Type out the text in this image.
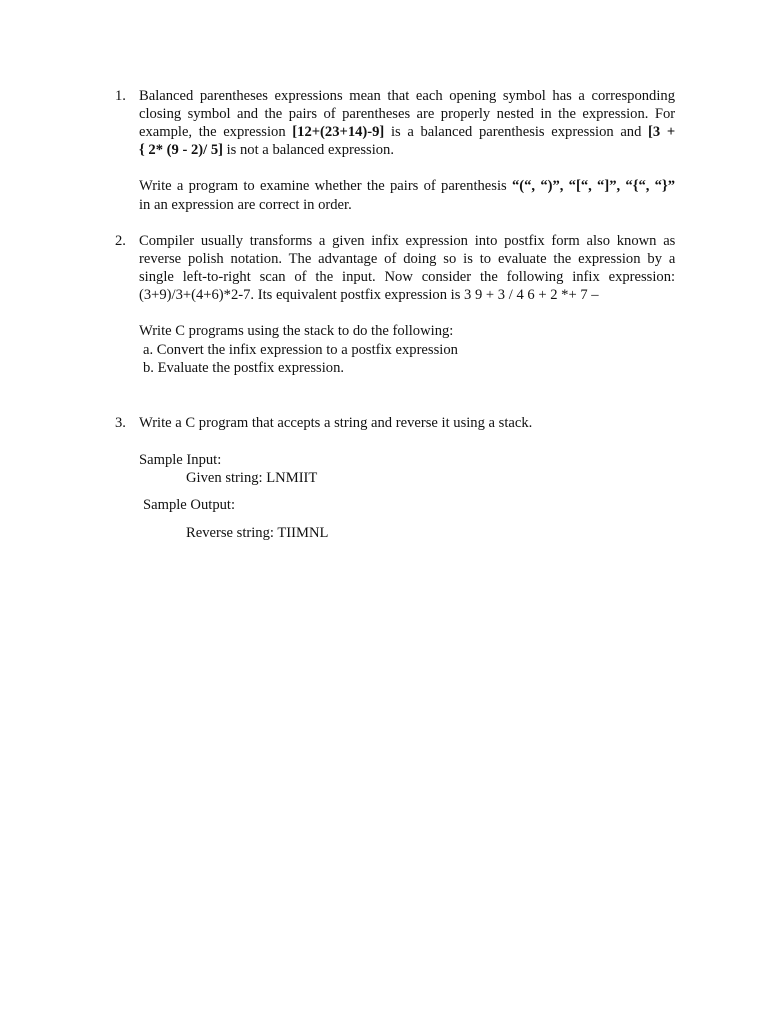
1. Balanced parentheses expressions mean that each opening symbol has a corresponding
closing symbol and the pairs of parentheses are properly nested in the expression. For
example, the expression [12+(23+14)-9] is a balanced parenthesis expression and [3 +
{ 2* (9 - 2)/ 5] is not a balanced expression.
Write a program to examine whether the pairs of parenthesis “(“, “)”, “[“, “]”, “{“, “}”
in an expression are correct in order.
2. Compiler usually transforms a given infix expression into postfix form also known as
reverse polish notation. The advantage of doing so is to evaluate the expression by a
single left-to-right scan of the input. Now consider the following infix expression:
(3+9)/3+(4+6)*2-7. Its equivalent postfix expression is 3 9 + 3 / 4 6 + 2 *+ 7 –
Write C programs using the stack to do the following:
a. Convert the infix expression to a postfix expression
b. Evaluate the postfix expression.
3. Write a C program that accepts a string and reverse it using a stack.
Sample Input:
Given string: LNMIIT
Sample Output:
Reverse string: TIIMNL
